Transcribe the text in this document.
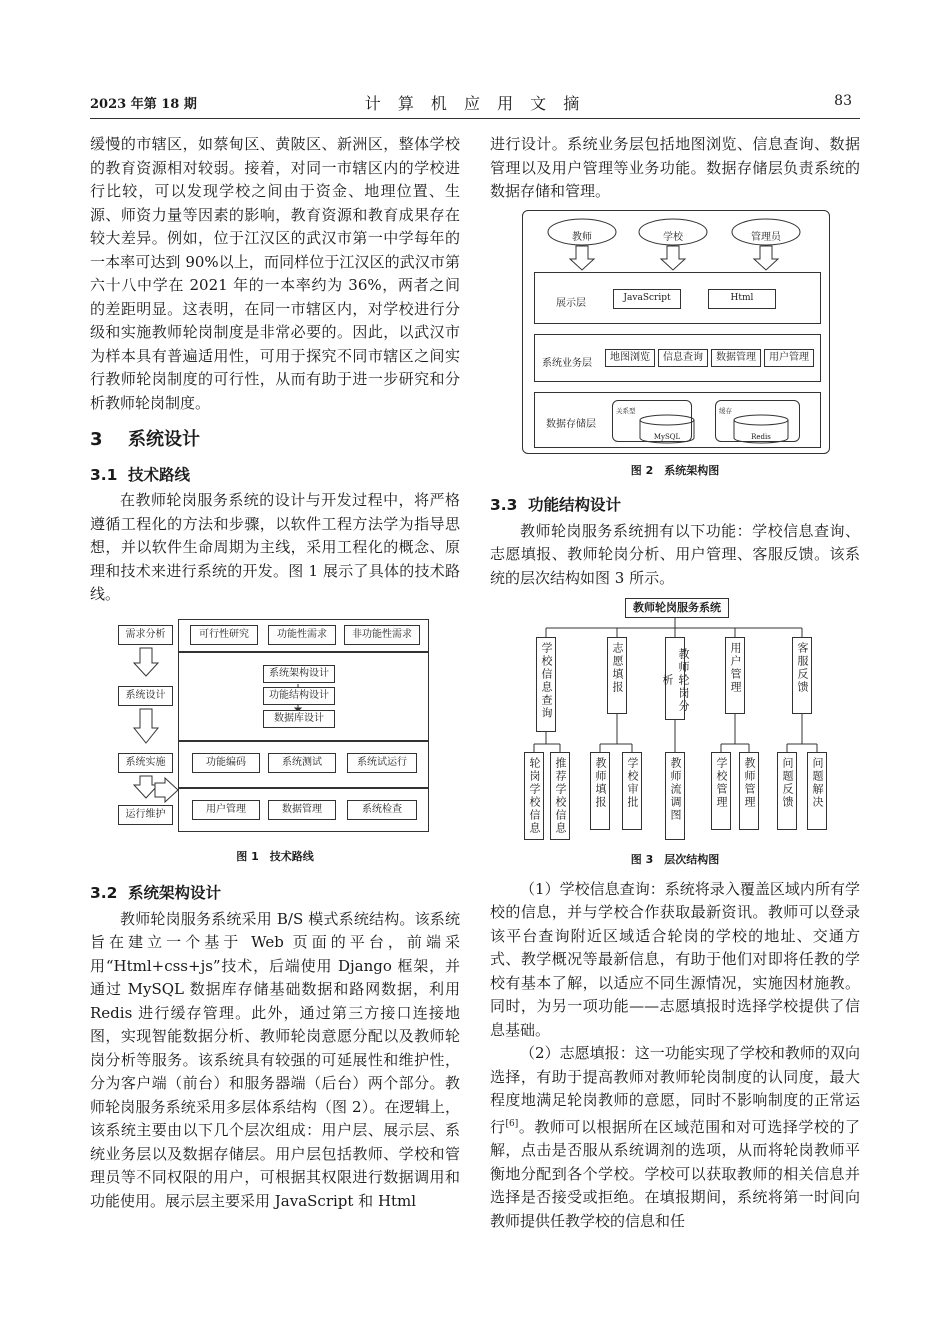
2023 年第 18 期	计 算 机 应 用 文 摘	83

缓慢的市辖区，如蔡甸区、黄陂区、新洲区，整体学校的教育资源相对较弱。接着，对同一市辖区内的学校进行比较，可以发现学校之间由于资金、地理位置、生源、师资力量等因素的影响，教育资源和教育成果存在较大差异。例如，位于江汉区的武汉市第一中学每年的一本率可达到 90%以上，而同样位于江汉区的武汉市第六十八中学在 2021 年的一本率约为 36%，两者之间的差距明显。这表明，在同一市辖区内，对学校进行分级和实施教师轮岗制度是非常必要的。因此，以武汉市为样本具有普遍适用性，可用于探究不同市辖区之间实行教师轮岗制度的可行性，从而有助于进一步研究和分析教师轮岗制度。

3 系统设计
3.1 技术路线

在教师轮岗服务系统的设计与开发过程中，将严格遵循工程化的方法和步骤，以软件工程方法学为指导思想，并以软件生命周期为主线，采用工程化的概念、原理和技术来进行系统的开发。图 1 展示了具体的技术路线。

需求分析
系统设计
系统实施
运行维护
可行性研究	功能性需求	非功能性需求
系统架构设计
功能结构设计
数据库设计
功能编码	系统测试	系统试运行
用户管理	数据管理	系统检查
图 1　技术路线
3.2 系统架构设计

教师轮岗服务系统采用 B/S 模式系统结构。该系统旨在建立一个基于 Web 页面的平台，前端采用“Html+css+js”技术，后端使用 Django 框架，并通过 MySQL 数据库存储基础数据和路网数据，利用 Redis 进行缓存管理。此外，通过第三方接口连接地图，实现智能数据分析、教师轮岗意愿分配以及教师轮岗分析等服务。该系统具有较强的可延展性和维护性，分为客户端（前台）和服务器端（后台）两个部分。教师轮岗服务系统采用多层体系结构（图 2）。在逻辑上，该系统主要由以下几个层次组成：用户层、展示层、系统业务层以及数据存储层。用户层包括教师、学校和管理员等不同权限的用户，可根据其权限进行数据调用和功能使用。展示层主要采用 JavaScript 和 Html

进行设计。系统业务层包括地图浏览、信息查询、数据管理以及用户管理等业务功能。数据存储层负责系统的数据存储和管理。

教师	学校	管理员
展示层	JavaScript	Html
系统业务层
地图浏览	信息查询	数据管理	用户管理
数据存储层
关系型	缓存
MySQL	Redis
图 2　系统架构图
3.3 功能结构设计

教师轮岗服务系统拥有以下功能：学校信息查询、志愿填报、教师轮岗分析、用户管理、客服反馈。该系统的层次结构如图 3 所示。

教师轮岗服务系统
学校信息查询	志愿填报	教师轮岗分析	用户管理	客服反馈
轮岗学校信息	推荐学校信息	教师填报	学校审批	教师流调图	学校管理	教师管理	问题反馈	问题解决
图 3　层次结构图

（1）学校信息查询：系统将录入覆盖区域内所有学校的信息，并与学校合作获取最新资讯。教师可以登录该平台查询附近区域适合轮岗的学校的地址、交通方式、教学概况等最新信息，有助于他们对即将任教的学校有基本了解，以适应不同生源情况，实施因材施教。同时，为另一项功能——志愿填报时选择学校提供了信息基础。

（2）志愿填报：这一功能实现了学校和教师的双向选择，有助于提高教师对教师轮岗制度的认同度，最大程度地满足轮岗教师的意愿，同时不影响制度的正常运行[6]。教师可以根据所在区域范围和对可选择学校的了解，点击是否服从系统调剂的选项，从而将轮岗教师平衡地分配到各个学校。学校可以获取教师的相关信息并选择是否接受或拒绝。在填报期间，系统将第一时间向教师提供任教学校的信息和任
